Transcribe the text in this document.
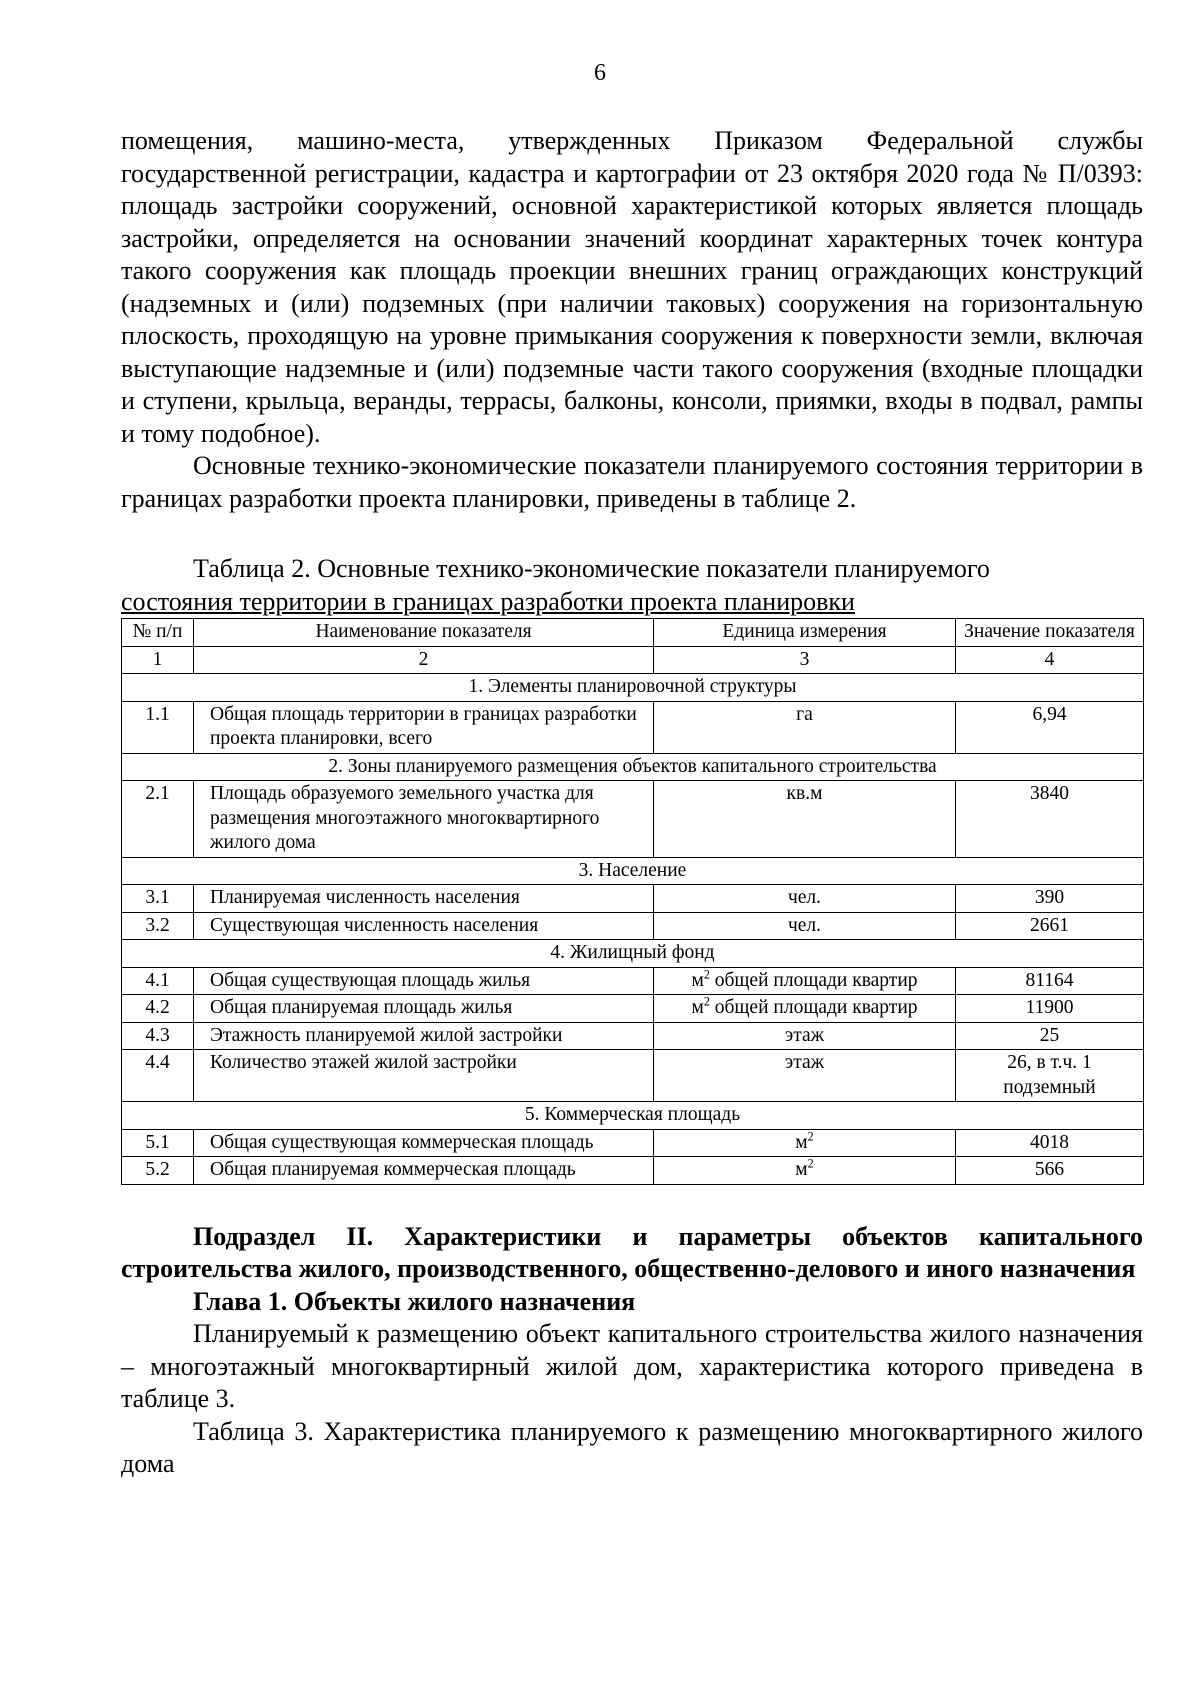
6

помещения, машино-места, утвержденных Приказом Федеральной службы государственной регистрации, кадастра и картографии от 23 октября 2020 года № П/0393: площадь застройки сооружений, основной характеристикой которых является площадь застройки, определяется на основании значений координат характерных точек контура такого сооружения как площадь проекции внешних границ ограждающих конструкций (надземных и (или) подземных (при наличии таковых) сооружения на горизонтальную плоскость, проходящую на уровне примыкания сооружения к поверхности земли, включая выступающие надземные и (или) подземные части такого сооружения (входные площадки и ступени, крыльца, веранды, террасы, балконы, консоли, приямки, входы в подвал, рампы и тому подобное).

Основные технико-экономические показатели планируемого состояния территории в границах разработки проекта планировки, приведены в таблице 2.

Таблица 2. Основные технико-экономические показатели планируемого

состояния территории в границах разработки проекта планировки

№ п/п	Наименование показателя	Единица измерения	Значение показателя
1	2	3	4
1. Элементы планировочной структуры			
1.1	Общая площадь территории в границах разработки проекта планировки, всего	га	6,94
2. Зоны планируемого размещения объектов капитального строительства			
2.1	Площадь образуемого земельного участка для размещения многоэтажного многоквартирного жилого дома	кв.м	3840
3. Население			
3.1	Планируемая численность населения	чел.	390
3.2	Существующая численность населения	чел.	2661
4. Жилищный фонд			
4.1	Общая существующая площадь жилья	$м^2$ общей площади квартир	81164
4.2	Общая планируемая площадь жилья	$м^2$ общей площади квартир	11900
4.3	Этажность планируемой жилой застройки	этаж	25
4.4	Количество этажей жилой застройки	этаж	26, в т.ч. 1 подземный
5. Коммерческая площадь			
5.1	Общая существующая коммерческая площадь	$м^2$	4018
5.2	Общая планируемая коммерческая площадь	$м^2$	566

Подраздел II. Характеристики и параметры объектов капитального строительства жилого, производственного, общественно-делового и иного назначения

Глава 1. Объекты жилого назначения

Планируемый к размещению объект капитального строительства жилого назначения – многоэтажный многоквартирный жилой дом, характеристика которого приведена в таблице 3.

Таблица 3. Характеристика планируемого к размещению многоквартирного жилого дома
